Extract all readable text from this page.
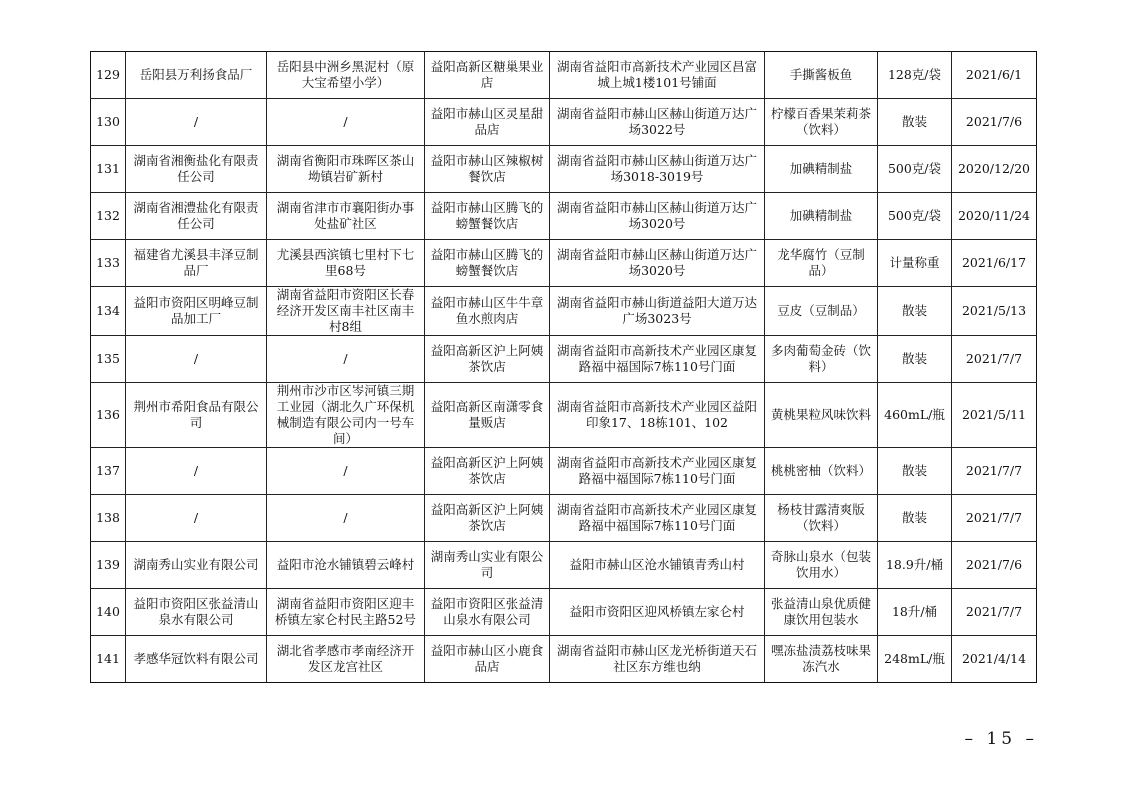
129	岳阳县万利扬食品厂	岳阳县中洲乡黑泥村（原大宝希望小学）	益阳高新区糖巢果业店	湖南省益阳市高新技术产业园区昌富城上城1楼101号铺面	手撕酱板鱼	128克/袋	2021/6/1
130	/	/	益阳市赫山区灵星甜品店	湖南省益阳市赫山区赫山街道万达广场3022号	柠檬百香果茉莉茶（饮料）	散装	2021/7/6
131	湖南省湘衡盐化有限责任公司	湖南省衡阳市珠晖区茶山坳镇岩矿新村	益阳市赫山区辣椒树餐饮店	湖南省益阳市赫山区赫山街道万达广场3018-3019号	加碘精制盐	500克/袋	2020/12/20
132	湖南省湘澧盐化有限责任公司	湖南省津市市襄阳街办事处盐矿社区	益阳市赫山区腾飞的螃蟹餐饮店	湖南省益阳市赫山区赫山街道万达广场3020号	加碘精制盐	500克/袋	2020/11/24
133	福建省尤溪县丰泽豆制品厂	尤溪县西滨镇七里村下七里68号	益阳市赫山区腾飞的螃蟹餐饮店	湖南省益阳市赫山区赫山街道万达广场3020号	龙华腐竹（豆制品）	计量称重	2021/6/17
134	益阳市资阳区明峰豆制品加工厂	湖南省益阳市资阳区长春经济开发区南丰社区南丰村8组	益阳市赫山区牛牛章鱼水煎肉店	湖南省益阳市赫山街道益阳大道万达广场3023号	豆皮（豆制品）	散装	2021/5/13
135	/	/	益阳高新区沪上阿姨茶饮店	湖南省益阳市高新技术产业园区康复路福中福国际7栋110号门面	多肉葡萄金砖（饮料）	散装	2021/7/7
136	荆州市希阳食品有限公司	荆州市沙市区岑河镇三期工业园（湖北久广环保机械制造有限公司内一号车间）	益阳高新区南潇零食量贩店	湖南省益阳市高新技术产业园区益阳印象17、18栋101、102	黄桃果粒风味饮料	460mL/瓶	2021/5/11
137	/	/	益阳高新区沪上阿姨茶饮店	湖南省益阳市高新技术产业园区康复路福中福国际7栋110号门面	桃桃密柚（饮料）	散装	2021/7/7
138	/	/	益阳高新区沪上阿姨茶饮店	湖南省益阳市高新技术产业园区康复路福中福国际7栋110号门面	杨枝甘露清爽版（饮料）	散装	2021/7/7
139	湖南秀山实业有限公司	益阳市沧水铺镇碧云峰村	湖南秀山实业有限公司	益阳市赫山区沧水铺镇青秀山村	奇脉山泉水（包装饮用水）	18.9升/桶	2021/7/6
140	益阳市资阳区张益清山泉水有限公司	湖南省益阳市资阳区迎丰桥镇左家仑村民主路52号	益阳市资阳区张益清山泉水有限公司	益阳市资阳区迎风桥镇左家仑村	张益清山泉优质健康饮用包装水	18升/桶	2021/7/7
141	孝感华冠饮料有限公司	湖北省孝感市孝南经济开发区龙宫社区	益阳市赫山区小鹿食品店	湖南省益阳市赫山区龙光桥街道天石社区东方维也纳	嘿冻盐渍荔枝味果冻汽水	248mL/瓶	2021/4/14
– 15 –
